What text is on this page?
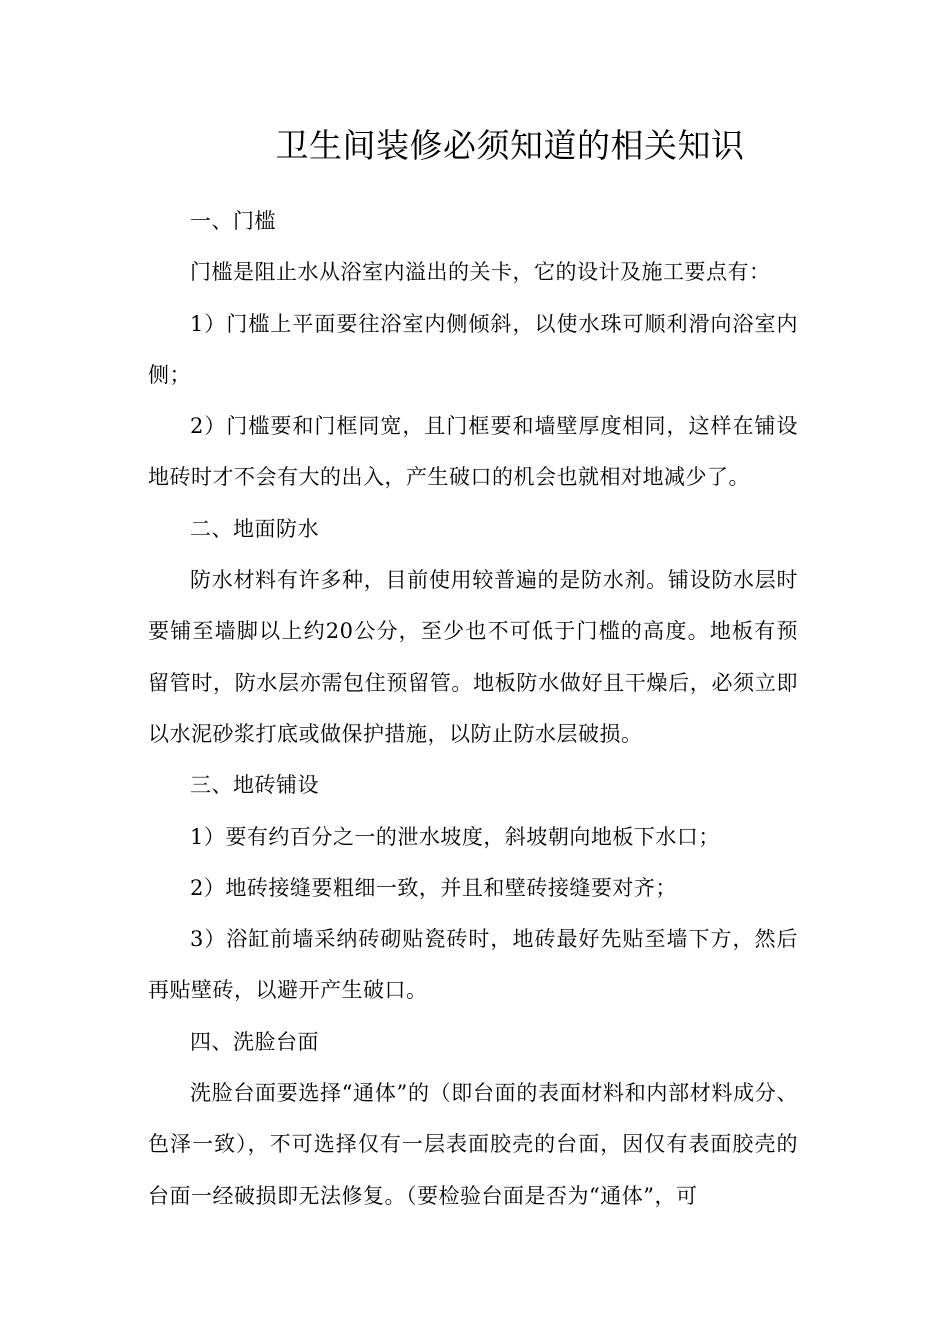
卫生间装修必须知道的相关知识

一、门槛

门槛是阻止水从浴室内溢出的关卡，它的设计及施工要点有：

1）门槛上平面要往浴室内侧倾斜，以使水珠可顺利滑向浴室内侧；

2）门槛要和门框同宽，且门框要和墙壁厚度相同，这样在铺设地砖时才不会有大的出入，产生破口的机会也就相对地减少了。

二、地面防水

防水材料有许多种，目前使用较普遍的是防水剂。铺设防水层时要铺至墙脚以上约20公分，至少也不可低于门槛的高度。地板有预留管时，防水层亦需包住预留管。地板防水做好且干燥后，必须立即以水泥砂浆打底或做保护措施，以防止防水层破损。

三、地砖铺设

1）要有约百分之一的泄水坡度，斜坡朝向地板下水口；

2）地砖接缝要粗细一致，并且和壁砖接缝要对齐；

3）浴缸前墙采纳砖砌贴瓷砖时，地砖最好先贴至墙下方，然后再贴壁砖，以避开产生破口。

四、洗脸台面

洗脸台面要选择“通体”的（即台面的表面材料和内部材料成分、色泽一致），不可选择仅有一层表面胶壳的台面，因仅有表面胶壳的台面一经破损即无法修复。（要检验台面是否为“通体”，可
